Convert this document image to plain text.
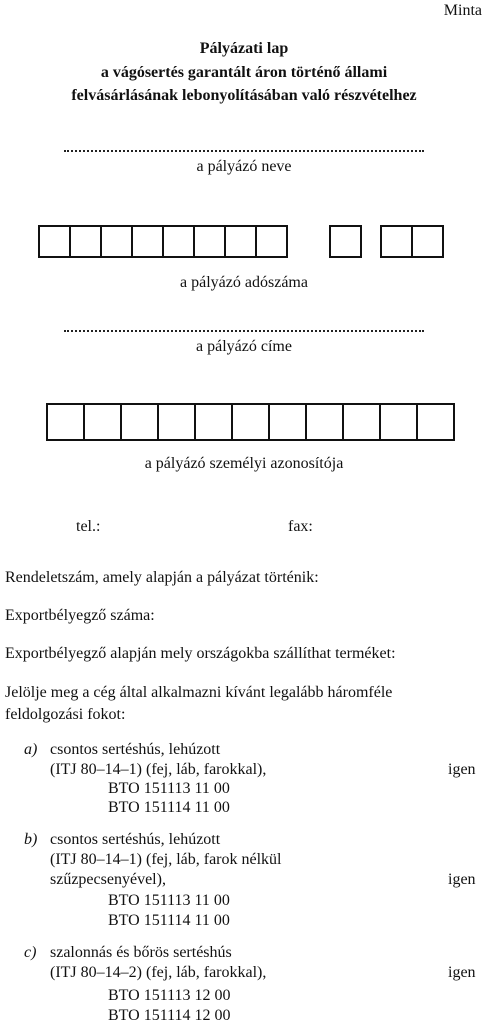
Minta
Pályázati lap
a vágósertés garantált áron történő állami
felvásárlásának lebonyolításában való részvételhez
a pályázó neve
a pályázó adószáma
a pályázó címe
a pályázó személyi azonosítója
tel.:	fax:
Rendeletszám, amely alapján a pályázat történik:
Exportbélyegző száma:
Exportbélyegző alapján mely országokba szállíthat terméket:
Jelölje meg a cég által alkalmazni kívánt legalább háromféle
feldolgozási fokot:
a) csontos sertéshús, lehúzott
(ITJ 80–14–1) (fej, láb, farokkal),	igen
BTO 151113 11 00
BTO 151114 11 00
b) csontos sertéshús, lehúzott
(ITJ 80–14–1) (fej, láb, farok nélkül
szűzpecsenyével),	igen
BTO 151113 11 00
BTO 151114 11 00
c) szalonnás és bőrös sertéshús
(ITJ 80–14–2) (fej, láb, farokkal),	igen
BTO 151113 12 00
BTO 151114 12 00
